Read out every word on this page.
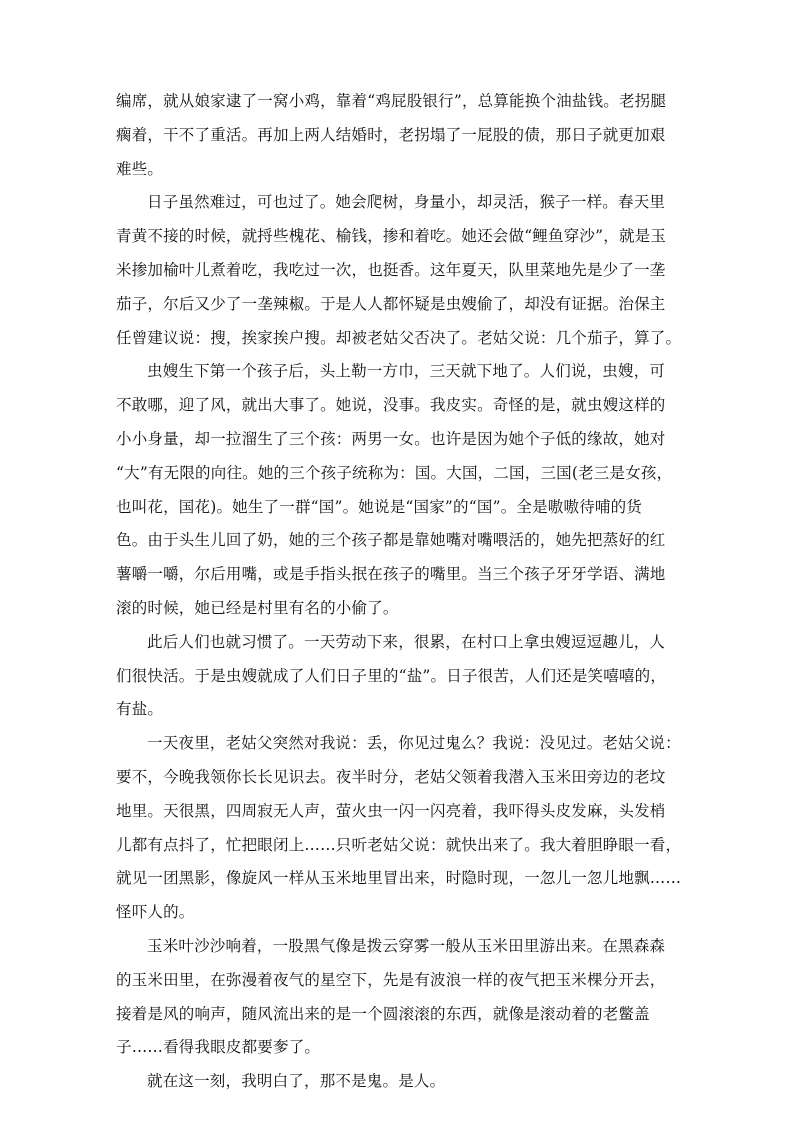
编席，就从娘家逮了一窝小鸡，靠着“鸡屁股银行”，总算能换个油盐钱。老拐腿
瘸着，干不了重活。再加上两人结婚时，老拐塌了一屁股的债，那日子就更加艰
难些。

日子虽然难过，可也过了。她会爬树，身量小，却灵活，猴子一样。春天里
青黄不接的时候，就捋些槐花、榆钱，掺和着吃。她还会做“鲤鱼穿沙”，就是玉
米掺加榆叶儿煮着吃，我吃过一次，也挺香。这年夏天，队里菜地先是少了一垄
茄子，尔后又少了一垄辣椒。于是人人都怀疑是虫嫂偷了，却没有证据。治保主
任曾建议说：搜，挨家挨户搜。却被老姑父否决了。老姑父说：几个茄子，算了。

虫嫂生下第一个孩子后，头上勒一方巾，三天就下地了。人们说，虫嫂，可
不敢哪，迎了风，就出大事了。她说，没事。我皮实。奇怪的是，就虫嫂这样的
小小身量，却一拉溜生了三个孩：两男一女。也许是因为她个子低的缘故，她对
“大”有无限的向往。她的三个孩子统称为：国。大国，二国，三国(老三是女孩，
也叫花，国花)。她生了一群“国”。她说是“国家”的“国”。全是嗷嗷待哺的货
色。由于头生儿回了奶，她的三个孩子都是靠她嘴对嘴喂活的，她先把蒸好的红
薯嚼一嚼，尔后用嘴，或是手指头抿在孩子的嘴里。当三个孩子牙牙学语、满地
滚的时候，她已经是村里有名的小偷了。

此后人们也就习惯了。一天劳动下来，很累，在村口上拿虫嫂逗逗趣儿，人
们很快活。于是虫嫂就成了人们日子里的“盐”。日子很苦，人们还是笑嘻嘻的，
有盐。

一天夜里，老姑父突然对我说：丢，你见过鬼么？我说：没见过。老姑父说：
要不，今晚我领你长长见识去。夜半时分，老姑父领着我潜入玉米田旁边的老坟
地里。天很黑，四周寂无人声，萤火虫一闪一闪亮着，我吓得头皮发麻，头发梢
儿都有点抖了，忙把眼闭上……只听老姑父说：就快出来了。我大着胆睁眼一看，
就见一团黑影，像旋风一样从玉米地里冒出来，时隐时现，一忽儿一忽儿地飘……
怪吓人的。

玉米叶沙沙响着，一股黑气像是拨云穿雾一般从玉米田里游出来。在黑森森
的玉米田里，在弥漫着夜气的星空下，先是有波浪一样的夜气把玉米棵分开去，
接着是风的响声，随风流出来的是一个圆滚滚的东西，就像是滚动着的老鳖盖
子……看得我眼皮都要奓了。

就在这一刻，我明白了，那不是鬼。是人。
